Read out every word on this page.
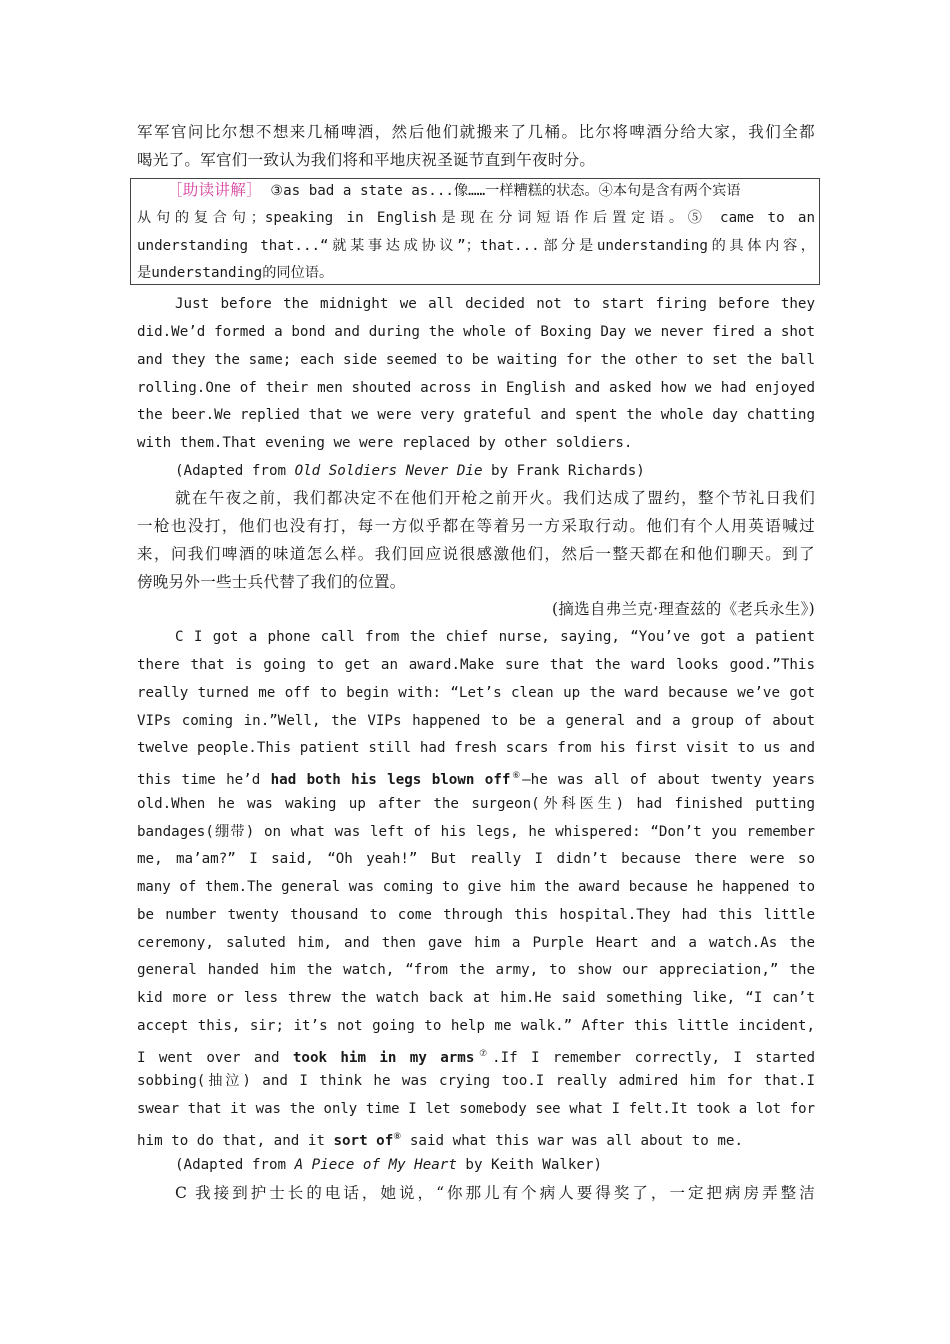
军军官问比尔想不想来几桶啤酒，然后他们就搬来了几桶。比尔将啤酒分给大家，我们全都
喝光了。军官们一致认为我们将和平地庆祝圣诞节直到午夜时分。
［助读讲解］ ③as bad a state as...像……一样糟糕的状态。④本句是含有两个宾语
从句的复合句；speaking in English是现在分词短语作后置定语。⑤ came to an
understanding that...“就某事达成协议”；that...部分是understanding的具体内容，
是understanding的同位语。
Just before the midnight we all decided not to start firing before they
did.We’d formed a bond and during the whole of Boxing Day we never fired a shot
and they the same; each side seemed to be waiting for the other to set the ball
rolling.One of their men shouted across in English and asked how we had enjoyed
the beer.We replied that we were very grateful and spent the whole day chatting
with them.That evening we were replaced by other soldiers.
(Adapted from Old Soldiers Never Die by Frank Richards)
就在午夜之前，我们都决定不在他们开枪之前开火。我们达成了盟约，整个节礼日我们
一枪也没打，他们也没有打，每一方似乎都在等着另一方采取行动。他们有个人用英语喊过
来，问我们啤酒的味道怎么样。我们回应说很感激他们，然后一整天都在和他们聊天。到了
傍晚另外一些士兵代替了我们的位置。
(摘选自弗兰克·理查兹的《老兵永生》)
C I got a phone call from the chief nurse, saying, “You’ve got a patient
there that is going to get an award.Make sure that the ward looks good.”This
really turned me off to begin with: “Let’s clean up the ward because we’ve got
VIPs coming in.”Well, the VIPs happened to be a general and a group of about
twelve people.This patient still had fresh scars from his first visit to us and
this time he’d had both his legs blown off⑥—he was all of about twenty years
old.When he was waking up after the surgeon(外科医生) had finished putting
bandages(绷带) on what was left of his legs, he whispered: “Don’t you remember
me, ma’am?” I said, “Oh yeah!” But really I didn’t because there were so
many of them.The general was coming to give him the award because he happened to
be number twenty thousand to come through this hospital.They had this little
ceremony, saluted him, and then gave him a Purple Heart and a watch.As the
general handed him the watch, “from the army, to show our appreciation,” the
kid more or less threw the watch back at him.He said something like, “I can’t
accept this, sir; it’s not going to help me walk.” After this little incident,
I went over and took him in my arms⑦.If I remember correctly, I started
sobbing(抽泣) and I think he was crying too.I really admired him for that.I
swear that it was the only time I let somebody see what I felt.It took a lot for
him to do that, and it sort of⑧ said what this war was all about to me.
(Adapted from A Piece of My Heart by Keith Walker)
C 我接到护士长的电话，她说，“你那儿有个病人要得奖了，一定把病房弄整洁
